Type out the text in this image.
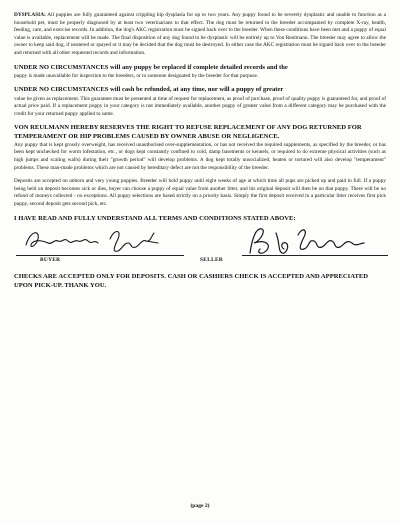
DYSPLASIA: All puppies are fully guaranteed against crippling hip dysplasia for up to two years. Any puppy found to be severely dysplastic and unable to function as a household pet, must be properly diagnosed by at least two veterinarians to that effect. The dog must be returned to the breeder accompanied by complete X-ray, health, feeding, care, and exercise records. In addition, the dog's AKC registration must be signed back over to the breeder. When these conditions have been met and a puppy of equal value is available, replacement will be made. The final disposition of any dog found to be dysplastic will be entirely up to Von Reulmann. The breeder may agree to allow the owner to keep said dog, if neutered or spayed or it may be decided that the dog must be destroyed. In either case the AKC registration must be signed back over to the breeder and returned with all other requested records and information.

UNDER NO CIRCUMSTANCES will any puppy be replaced if complete detailed records and the

puppy is made unavailable for inspection to the breeders, or to someone designated by the breeder for that purpose.

UNDER NO CIRCUMSTANCES will cash be refunded, at any time, nor will a puppy of greater

value be given as replacement. This guarantee must be presented at time of request for replacement, as proof of purchase, proof of quality puppy is guaranteed for, and proof of actual price paid. If a replacement puppy in your category is not immediately available, another puppy of greater value from a different category may be purchased with the credit for your returned puppy applied to same.

VON REULMANN HEREBY RESERVES THE RIGHT TO REFUSE REPLACEMENT OF ANY DOG RETURNED FOR TEMPERAMENT OR HIP PROBLEMS CAUSED BY OWNER ABUSE OR NEGLIGENCE.

Any puppy that is kept grossly overweight, has received unauthorised over-supplementation, or has not received the required supplements, as specified by the breeder, or has been kept unchecked for worm infestation, etc., or dogs kept constantly confined to cold, damp basements or kennels, or required to do extreme physical activities (such as high jumps and scaling walls) during their "growth period" will develop problems. A dog kept totally unsocialized, beaten or tortured will also develop "temperament" problems. These man-made problems which are not caused by hereditary defect are not the responsibility of the breeder.

Deposits are accepted on unborn and very young puppies. Breeder will hold puppy until eight weeks of age at which time all pups are picked up and paid in full. If a puppy being held on deposit becomes sick or dies, buyer can choose a puppy of equal value from another litter, and his original deposit will then be on that puppy. There will be no refund of moneys collected - no exceptions. All puppy selections are based strictly on a priority basis. Simply the first deposit received in a particular litter receives first pick puppy, second deposit gets second pick, etc.

I HAVE READ AND FULLY UNDERSTAND ALL TERMS AND CONDITIONS STATED ABOVE:
BUYER	SELLER
CHECKS ARE ACCEPTED ONLY FOR DEPOSITS. CASH OR CASHIERS CHECK IS ACCEPTED AND APPRECIATED UPON PICK-UP. THANK YOU.
(page 2)
